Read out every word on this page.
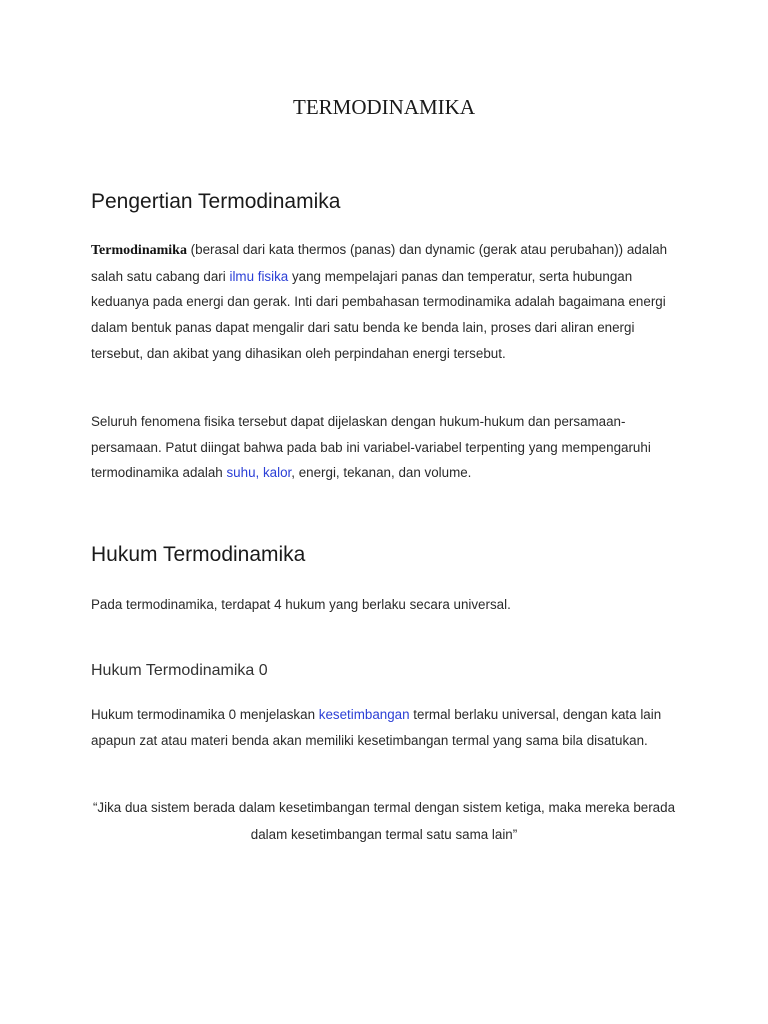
TERMODINAMIKA
Pengertian Termodinamika

Termodinamika (berasal dari kata thermos (panas) dan dynamic (gerak atau perubahan)) adalah salah satu cabang dari ilmu fisika yang mempelajari panas dan temperatur, serta hubungan keduanya pada energi dan gerak. Inti dari pembahasan termodinamika adalah bagaimana energi dalam bentuk panas dapat mengalir dari satu benda ke benda lain, proses dari aliran energi tersebut, dan akibat yang dihasikan oleh perpindahan energi tersebut.

Seluruh fenomena fisika tersebut dapat dijelaskan dengan hukum-hukum dan persamaan-persamaan. Patut diingat bahwa pada bab ini variabel-variabel terpenting yang mempengaruhi termodinamika adalah suhu, kalor, energi, tekanan, dan volume.

Hukum Termodinamika

Pada termodinamika, terdapat 4 hukum yang berlaku secara universal.

Hukum Termodinamika 0

Hukum termodinamika 0 menjelaskan kesetimbangan termal berlaku universal, dengan kata lain apapun zat atau materi benda akan memiliki kesetimbangan termal yang sama bila disatukan.

“Jika dua sistem berada dalam kesetimbangan termal dengan sistem ketiga, maka mereka berada dalam kesetimbangan termal satu sama lain”
